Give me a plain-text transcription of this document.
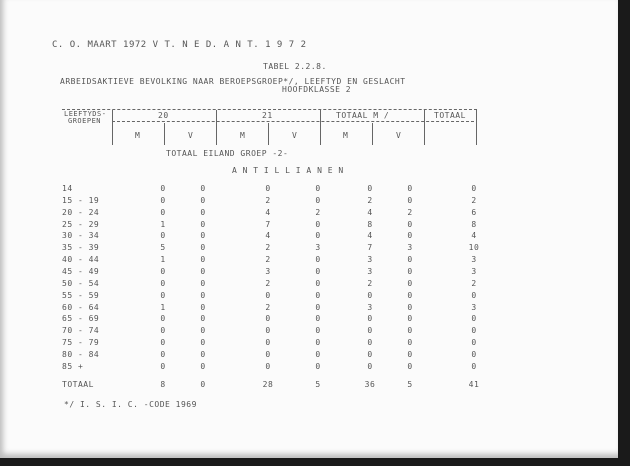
C. O. MAART 1972 V T. N E D. A N T. 1 9 7 2
TABEL 2.2.8.
ARBEIDSAKTIEVE BEVOLKING NAAR BEROEPSGROEP*/, LEEFTYD EN GESLACHT
HOOFDKLASSE 2
LEEFTYDS-
GROEPEN
20	21	TOTAAL M /	TOTAAL
M	V	M	V	M	V
TOTAAL EILAND GROEP -2-
A N T I L L I A N E N
14	0	0	0	0	0	0	0
15 - 19	0	0	2	0	2	0	2
20 - 24	0	0	4	2	4	2	6
25 - 29	1	0	7	0	8	0	8
30 - 34	0	0	4	0	4	0	4
35 - 39	5	0	2	3	7	3	10
40 - 44	1	0	2	0	3	0	3
45 - 49	0	0	3	0	3	0	3
50 - 54	0	0	2	0	2	0	2
55 - 59	0	0	0	0	0	0	0
60 - 64	1	0	2	0	3	0	3
65 - 69	0	0	0	0	0	0	0
70 - 74	0	0	0	0	0	0	0
75 - 79	0	0	0	0	0	0	0
80 - 84	0	0	0	0	0	0	0
85 +	0	0	0	0	0	0	0
TOTAAL	8	0	28	5	36	5	41
*/ I. S. I. C. -CODE 1969
